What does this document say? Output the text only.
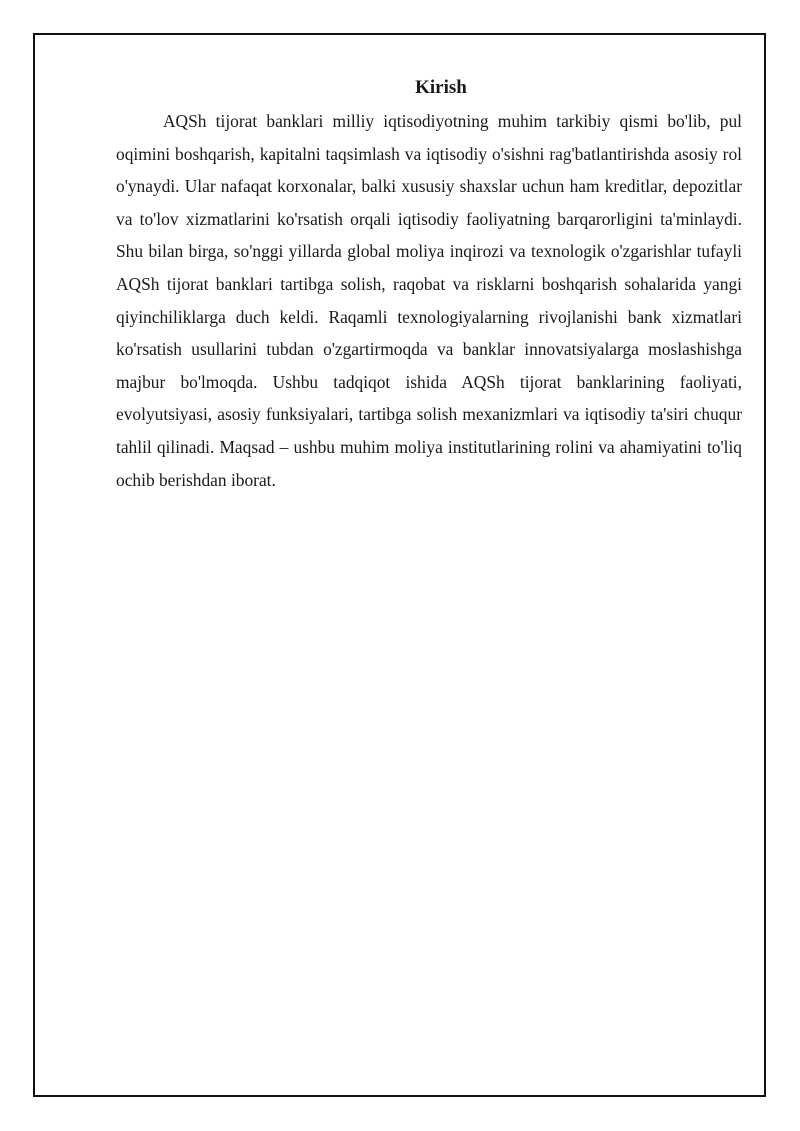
Kirish

AQSh tijorat banklari milliy iqtisodiyotning muhim tarkibiy qismi bo'lib, pul oqimini boshqarish, kapitalni taqsimlash va iqtisodiy o'sishni rag'batlantirishda asosiy rol o'ynaydi. Ular nafaqat korxonalar, balki xususiy shaxslar uchun ham kreditlar, depozitlar va to'lov xizmatlarini ko'rsatish orqali iqtisodiy faoliyatning barqarorligini ta'minlaydi. Shu bilan birga, so'nggi yillarda global moliya inqirozi va texnologik o'zgarishlar tufayli AQSh tijorat banklari tartibga solish, raqobat va risklarni boshqarish sohalarida yangi qiyinchiliklarga duch keldi. Raqamli texnologiyalarning rivojlanishi bank xizmatlari ko'rsatish usullarini tubdan o'zgartirmoqda va banklar innovatsiyalarga moslashishga majbur bo'lmoqda. Ushbu tadqiqot ishida AQSh tijorat banklarining faoliyati, evolyutsiyasi, asosiy funksiyalari, tartibga solish mexanizmlari va iqtisodiy ta'siri chuqur tahlil qilinadi. Maqsad – ushbu muhim moliya institutlarining rolini va ahamiyatini to'liq ochib berishdan iborat.
